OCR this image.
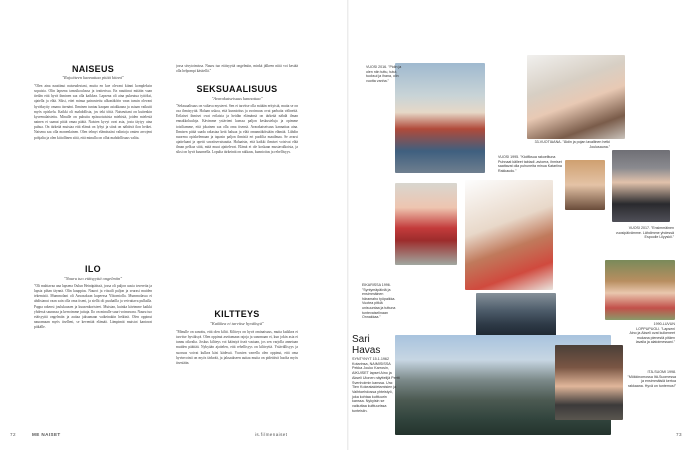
NAISEUS
"Rajoitteen kannattaa pitää kiinni"
"Olen aina nauttinut naiseudestani, mutta en koe olevani kiinni kompleksin sopuisia. Olin lapsena tanssikoulussa ja teatterissa. En nauttinut mitään vaan tiedän että hyvä ihminen saa olla kaikkea. Lapsena oli aina pukeutua tyttöksi, ajatella ja elää. Siksi, ettei minua painostettu ulkonäköön vaan tunsin olevani hyväksytty omana itsenäni. Ihminen tuntuu kaupan asiakkaana ja asiaan vaikutti myös opiskelu. Kaikki oli mahdollista, jos teki töitä. Naiseuttani on kuitenkin kyseenalaistettu. Minulle on puhuttu epäsuotuisista miehistä, joiden mielestä nainen ei saanut pitää omaa päätä. Naisten kyvyt ovat asia, josta täytyy aina puhua. On tärkeää muistaa että elämä on lyhyt ja siinä on nähtävä ilon hetket. Naisena saa olla monenlainen. Olen tehnyt elämässäni valintoja omien arvojeni pohjalta ja olen kiitollinen siitä, että minulla on ollut mahdollisuus valita.
ILO
"Nauru tuo etäisyyttä ongelmiin"
"Oli mahtavaa ana lapsena Oulun Heinäpäässä, jossa oli paljon uusia tovereita ja lapsia pihan täynnä. Olin kauppias. Nauroi ja vitsaili paljon ja seurasi muiden tekemisiä. Mummolani oli Aavasaksan kupeessa Ylitorniolla. Mummolassa ei ahdistanut vaan sain olla oma itseni, ja siellä oli puuhailla ja veivattava pulkalla. Pappa rakensi joulukuusen ja kuusenkoristeet. Muistan, kuinka kävimme kaikki yhdessä saunassa ja kerroimme juttuja. Ilo on minulle suuri voimavara. Nauru tuo etäisyyttä ongelmiin ja auttaa jaksamaan vaikeinakin hetkinä. Olen oppinut nauramaan myös itselleni, se keventää elämää. Lämpimät muistot kantavat pitkälle.
jossa sävytoimissa. Nauru tuo etäisyyttä ongelmiin, minkä jälkeen niitä voi kestää olla helpompi käsitellä."
SEKSUAALISUUS
"Avarakatseisuus kannattaa"
"Seksuaalisuus on valtava mysteeri. Sen ei tarvitse olla mitään erityistä, mutta se on osa ihmisyyttä. Haluan uskoa, että kunnioitus ja avoimuus ovat parhaita välineitä. Erilaiset ihmiset ovat erilaisia ja heidän elämänsä on tärkeää nähdä ilman ennakkoluuloja. Kävimme ystävieni kanssa paljon keskusteluja ja opimme toisiltamme, että jokainen saa olla oma itsensä. Avarakatseisuus kannattaa aina. Ihmisen pitää saada rakastaa ketä haluaa ja elää omannäköistään elämää. Lähdin nuorena opiskelemaan ja tapasin paljon ihmisiä eri puolilta maailmaa. Se avarsi ajatteluani ja opetti suvaitsevaisuutta. Haluaisin, että kaikki ihmiset voisivat elää ilman pelkoa siitä, mitä muut ajattelevat. Elämä ei ole koskaan mustavalkoista, ja siksi on hyvä kuunnella. Lopulta tärkeintä on rakkaus, kunnioitus ja rehellisyys.
KILTTEYS
"Kaikkea ei tarvitse hyväksyä"
"Minulle on sanottu, että olen kiltti. Kiltteys on hyvä ominaisuus, mutta kaikkea ei tarvitse hyväksyä. Olen oppinut asettamaan rajoja ja sanomaan ei, kun jokin asia ei tunnu oikealta. Joskus kiltteys voi kääntyä itseä vastaan, jos sen varjolla annetaan muiden päättää. Nykyään ajattelen, että rehellisyys on kiltteyttä. Ystävällisyys ja suoruus voivat kulkea käsi kädessä. Vuosien varrella olen oppinut, että oma hyvinvointi on myös tärkeää, ja jaksaakseen auttaa muita on pidettävä huolta myös itsestään.
72	ME NAISET	is.fi/menaiset
VUOSI 2016. "Pidin ja olen niin tuttu, tutut, tuoksui ja ihana, olin vuotta vanha."
33-VUOTIAANA. "Äidin ja pojan lavallinen hetki Joulusauna."
VUOSI 1995. "Kiolfiksua rakoelituna Puhnaat källeet tabiadi -avioera, ihmiset saattavat olla puhuneita minua Katariina Rakkaudu."
VUOSI 2017. "Ensimmäinen vuosipäivämme. Lähdimme yhdessä Espoolle Lilyyskii."
EIKARISSA 1996. "Syntymäpäiviä ja ensimmäinen häramaho työpaikka. Vuotea pitkiä unisuuntaa ja tuttuna tuntevaiselinaan Onnakkaa."
1990-LUVUN LOPPUPUOLI. "Lapseni Aino ja Akseli ovat kulkeneet mukana pienestä pitäen lavalla ja alatoimessani."
ITÄ-SUOMI 1998. "Mökkinomossa Itä-Suomessa ja ensimmäisiä kertoa rakkaana. Hyvä on tuntemus!"
Sari
Havas
SYNTYNYT 15.1.1962 Kotarinsa, NAIMISISSA Pekka Jouko Karrosin, AIKUISET lapset Aino ja Akseli Ulonen näyttelijä Pertti Svenholmin kanssa. Ura: Tien Kokeataidetamisien ja Vaihtoehdossa yhteistyö, joka kohtaa kulttuurin kanssa. Nykyisin se vaikuttaa kulttuurissa tunteisiin.
73
